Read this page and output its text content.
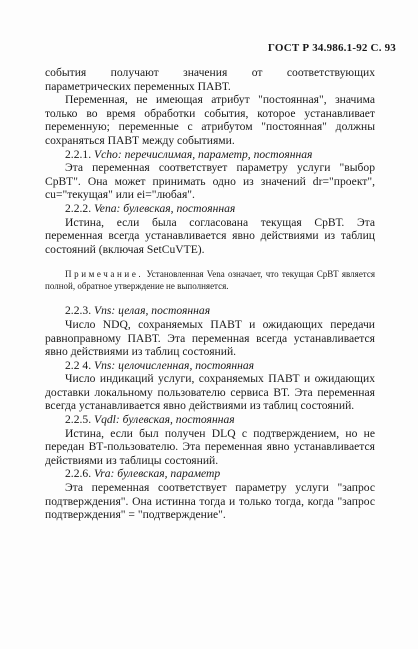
ГОСТ Р 34.986.1-92 С. 93

события получают значения от соответствующих параметрических переменных ПАВТ.

Переменная, не имеющая атрибут "постоянная", значима только во время обработки события, которое устанавливает переменную; переменные с атрибутом "постоянная" должны сохраняться ПАВТ между событиями.

2.2.1. Vcho: перечислимая, параметр, постоянная

Эта переменная соответствует параметру услуги "выбор СрВТ". Она может принимать одно из значений dr="проект", cu="текущая" или ei="любая".

2.2.2. Vena: булевская, постоянная

Истина, если была согласована текущая СрВТ. Эта переменная всегда устанавливается явно действиями из таблиц состояний (включая SetCuVTE).

Примечание. Установленная Vena означает, что текущая СрВТ является полной, обратное утверждение не выполняется.

2.2.3. Vns: целая, постоянная

Число NDQ, сохраняемых ПАВТ и ожидающих передачи равноправному ПАВТ. Эта переменная всегда устанавливается явно действиями из таблиц состояний.

2.2 4. Vns: целочисленная, постоянная

Число индикаций услуги, сохраняемых ПАВТ и ожидающих доставки локальному пользователю сервиса ВТ. Эта переменная всегда устанавливается явно действиями из таблиц состояний.

2.2.5. Vqdl: булевская, постоянная

Истина, если был получен DLQ с подтверждением, но не передан ВТ-пользователю. Эта переменная явно устанавливается действиями из таблицы состояний.

2.2.6. Vra: булевская, параметр

Эта переменная соответствует параметру услуги "запрос подтверждения". Она истинна тогда и только тогда, когда "запрос подтверждения" = "подтверждение".
